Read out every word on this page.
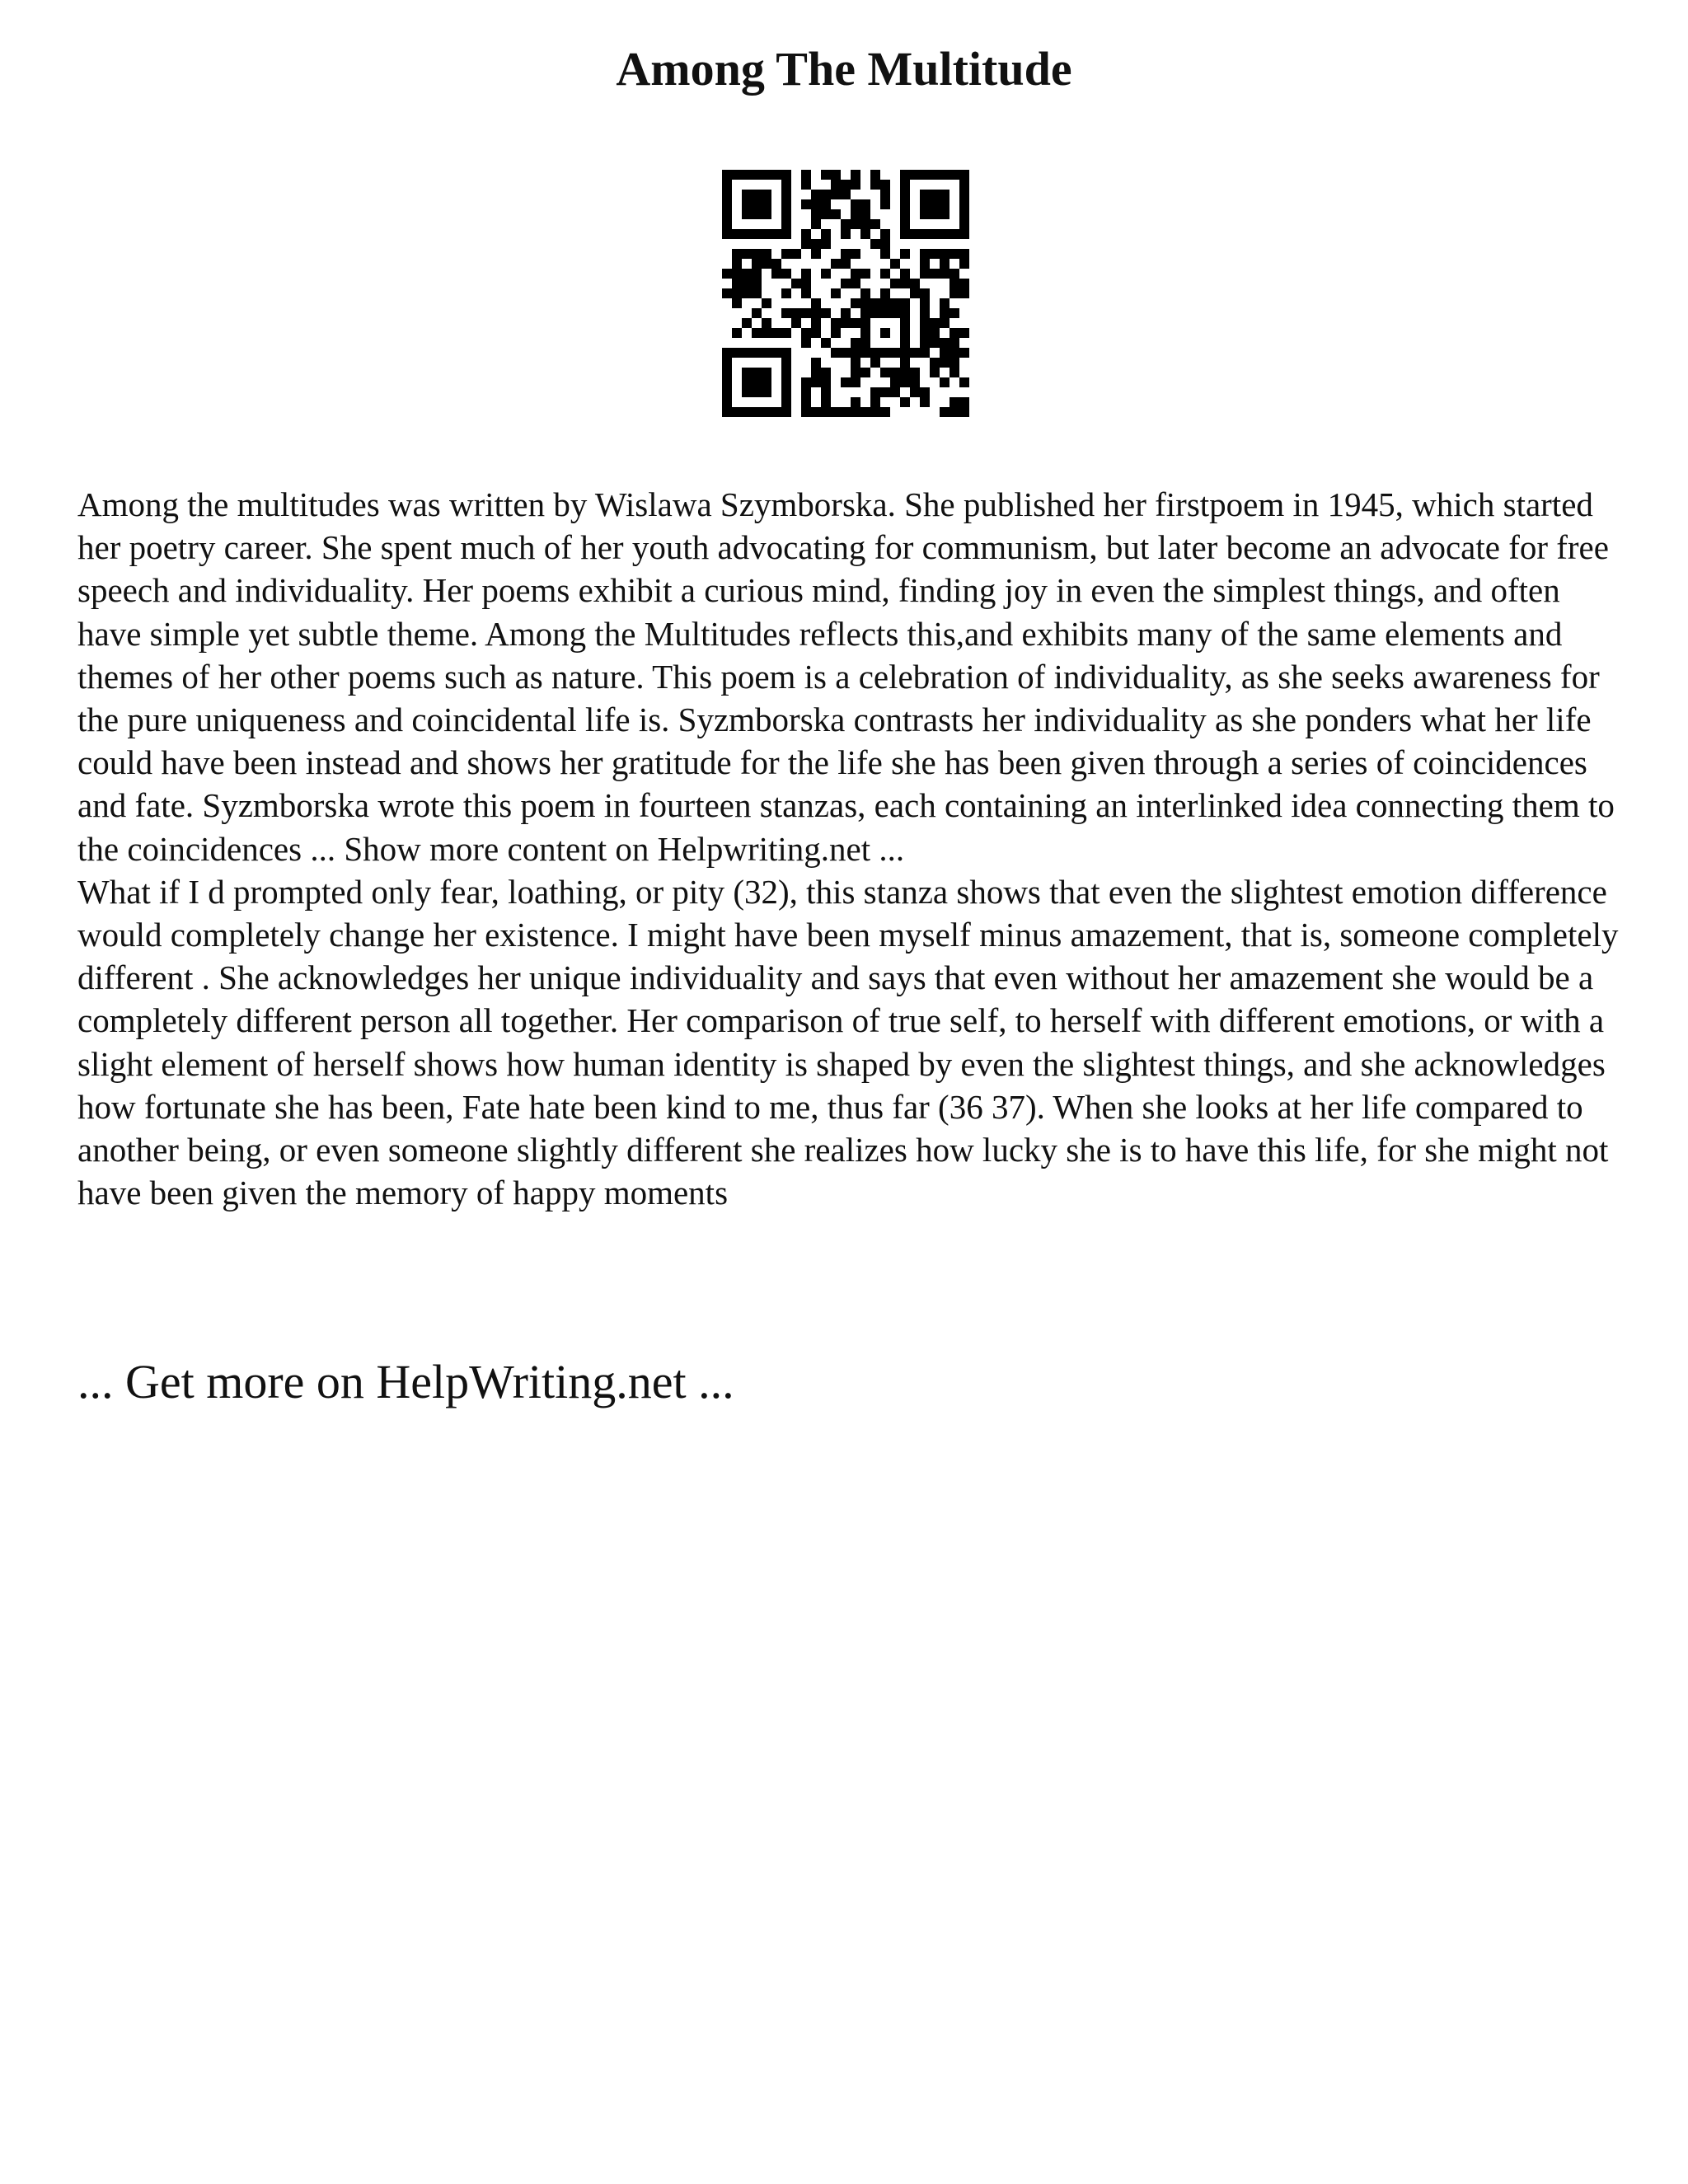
Among The Multitude

Among the multitudes was written by Wislawa Szymborska. She published her firstpoem in 1945, which started her poetry career. She spent much of her youth advocating for communism, but later become an advocate for free speech and individuality. Her poems exhibit a curious mind, finding joy in even the simplest things, and often have simple yet subtle theme. Among the Multitudes reflects this,and exhibits many of the same elements and themes of her other poems such as nature. This poem is a celebration of individuality, as she seeks awareness for the pure uniqueness and coincidental life is. Syzmborska contrasts her individuality as she ponders what her life could have been instead and shows her gratitude for the life she has been given through a series of coincidences and fate. Syzmborska wrote this poem in fourteen stanzas, each containing an interlinked idea connecting them to the coincidences ... Show more content on Helpwriting.net ...

What if I d prompted only fear, loathing, or pity (32), this stanza shows that even the slightest emotion difference would completely change her existence. I might have been myself minus amazement, that is, someone completely different . She acknowledges her unique individuality and says that even without her amazement she would be a completely different person all together. Her comparison of true self, to herself with different emotions, or with a slight element of herself shows how human identity is shaped by even the slightest things, and she acknowledges how fortunate she has been, Fate hate been kind to me, thus far (36 37). When she looks at her life compared to another being, or even someone slightly different she realizes how lucky she is to have this life, for she might not have been given the memory of happy moments

... Get more on HelpWriting.net ...
